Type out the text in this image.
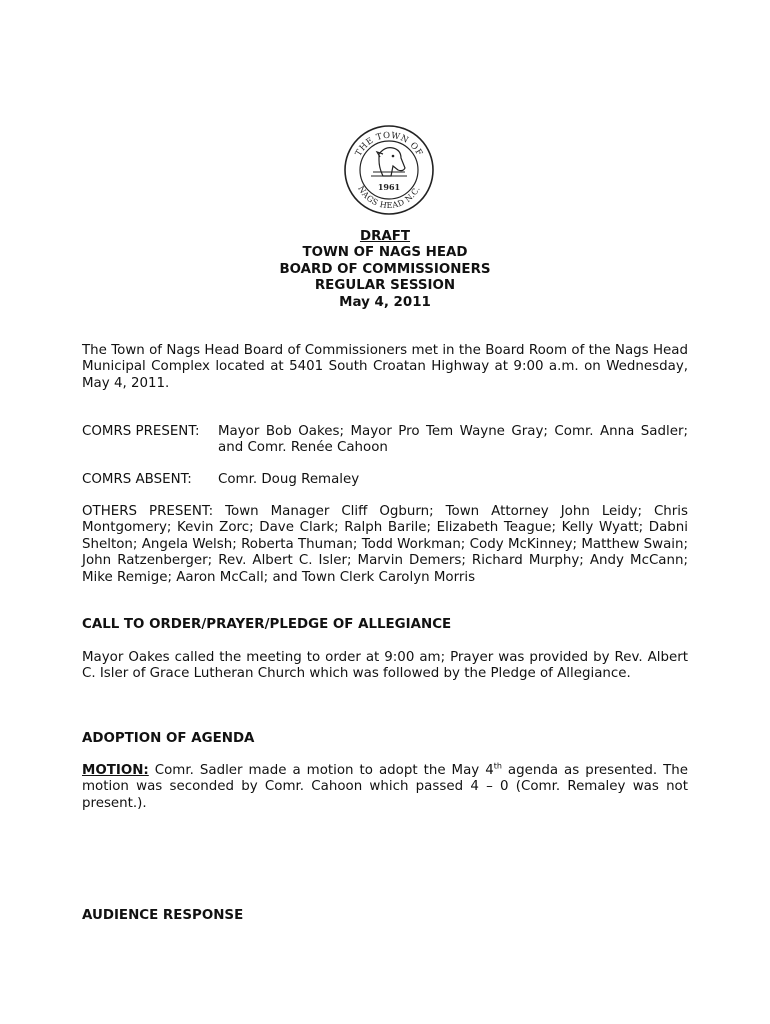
THE TOWN OF
NAGS HEAD N.C.
1961
DRAFT
TOWN OF NAGS HEAD
BOARD OF COMMISSIONERS
REGULAR SESSION
May 4, 2011

The Town of Nags Head Board of Commissioners met in the Board Room of the Nags Head Municipal Complex located at 5401 South Croatan Highway at 9:00 a.m. on Wednesday, May 4, 2011.

COMRS PRESENT: Mayor Bob Oakes; Mayor Pro Tem Wayne Gray; Comr. Anna Sadler; and Comr. Renée Cahoon
COMRS ABSENT: Comr. Doug Remaley

OTHERS PRESENT: Town Manager Cliff Ogburn; Town Attorney John Leidy; Chris Montgomery; Kevin Zorc; Dave Clark; Ralph Barile; Elizabeth Teague; Kelly Wyatt; Dabni Shelton; Angela Welsh; Roberta Thuman; Todd Workman; Cody McKinney; Matthew Swain; John Ratzenberger; Rev. Albert C. Isler; Marvin Demers; Richard Murphy; Andy McCann; Mike Remige; Aaron McCall; and Town Clerk Carolyn Morris

CALL TO ORDER/PRAYER/PLEDGE OF ALLEGIANCE

Mayor Oakes called the meeting to order at 9:00 am; Prayer was provided by Rev. Albert C. Isler of Grace Lutheran Church which was followed by the Pledge of Allegiance.

ADOPTION OF AGENDA

MOTION: Comr. Sadler made a motion to adopt the May 4th agenda as presented. The motion was seconded by Comr. Cahoon which passed 4 – 0 (Comr. Remaley was not present.).

AUDIENCE RESPONSE
